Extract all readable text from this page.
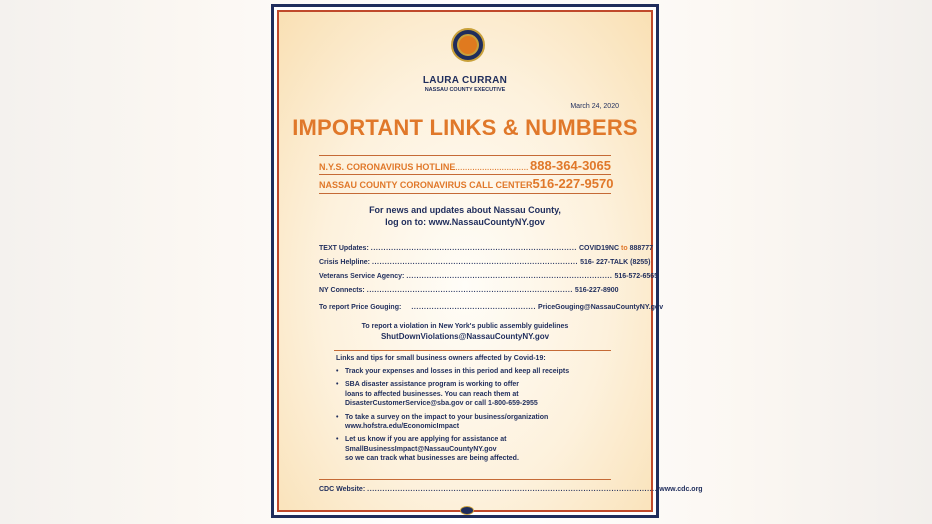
LAURA CURRAN
NASSAU COUNTY EXECUTIVE
March 24, 2020
IMPORTANT LINKS & NUMBERS
N.Y.S. CORONAVIRUS HOTLINE .............................. 888-364-3065
NASSAU COUNTY CORONAVIRUS CALL CENTER 516-227-9570
For news and updates about Nassau County,
log on to: www.NassauCountyNY.gov
TEXT Updates: ................................................................................. COVID19NC to 888777
Crisis Helpline: ................................................................................. 516- 227-TALK (8255)
Veterans Service Agency: ................................................................................. 516-572-6565
NY Connects: ................................................................................. 516-227-8900
To report Price Gouging: ................................................. PriceGouging@NassauCountyNY.gov
To report a violation in New York's public assembly guidelines
ShutDownViolations@NassauCountyNY.gov
Links and tips for small business owners affected by Covid-19:
• Track your expenses and losses in this period and keep all receipts
• SBA disaster assistance program is working to offer
loans to affected businesses. You can reach them at
DisasterCustomerService@sba.gov or call 1-800-659-2955
• To take a survey on the impact to your business/organization
www.hofstra.edu/EconomicImpact
• Let us know if you are applying for assistance at
SmallBusinessImpact@NassauCountyNY.gov
so we can track what businesses are being affected.
CDC Website: .................................................................................................................. www.cdc.org
